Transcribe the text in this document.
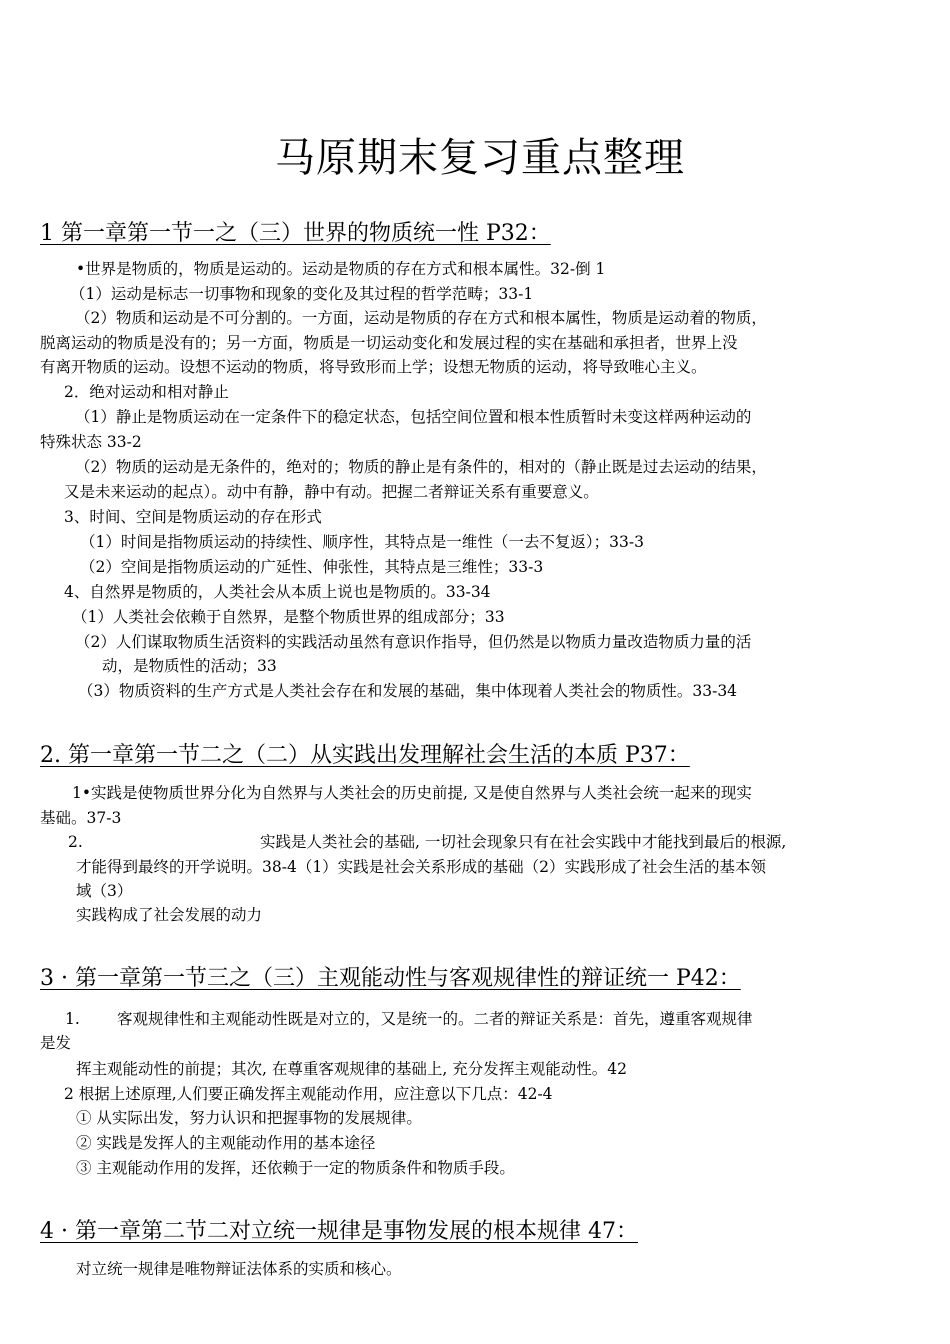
马原期末复习重点整理
1 第一章第一节一之（三）世界的物质统一性 P32：
•世界是物质的，物质是运动的。运动是物质的存在方式和根本属性。32-倒 1
（1）运动是标志一切事物和现象的变化及其过程的哲学范畴；33-1
（2）物质和运动是不可分割的。一方面，运动是物质的存在方式和根本属性，物质是运动着的物质，
脱离运动的物质是没有的；另一方面，物质是一切运动变化和发展过程的实在基础和承担者，世界上没
有离开物质的运动。设想不运动的物质，将导致形而上学；设想无物质的运动，将导致唯心主义。
2．绝对运动和相对静止
（1）静止是物质运动在一定条件下的稳定状态，包括空间位置和根本性质暂时未变这样两种运动的
特殊状态 33-2
（2）物质的运动是无条件的，绝对的；物质的静止是有条件的，相对的（静止既是过去运动的结果，
又是未来运动的起点）。动中有静，静中有动。把握二者辩证关系有重要意义。
3、时间、空间是物质运动的存在形式
（1）时间是指物质运动的持续性、顺序性，其特点是一维性（一去不复返）；33-3
（2）空间是指物质运动的广延性、伸张性，其特点是三维性；33-3
4、自然界是物质的，人类社会从本质上说也是物质的。33-34
（1）人类社会依赖于自然界，是整个物质世界的组成部分；33
（2）人们谋取物质生活资料的实践活动虽然有意识作指导，但仍然是以物质力量改造物质力量的活
动，是物质性的活动；33
（3）物质资料的生产方式是人类社会存在和发展的基础，集中体现着人类社会的物质性。33-34
2. 第一章第一节二之（二）从实践出发理解社会生活的本质 P37：
1•实践是使物质世界分化为自然界与人类社会的历史前提, 又是使自然界与人类社会统一起来的现实
基础。37-3
2.	实践是人类社会的基础, 一切社会现象只有在社会实践中才能找到最后的根源,
才能得到最终的开学说明。38-4（1）实践是社会关系形成的基础（2）实践形成了社会生活的基本领
域（3）
实践构成了社会发展的动力
3 · 第一章第一节三之（三）主观能动性与客观规律性的辩证统一 P42：
1. 客观规律性和主观能动性既是对立的，又是统一的。二者的辩证关系是：首先，遵重客观规律
是发
挥主观能动性的前提；其次, 在尊重客观规律的基础上, 充分发挥主观能动性。42
2 根据上述原理,人们要正确发挥主观能动作用，应注意以下几点：42-4
① 从实际出发，努力认识和把握事物的发展规律。
② 实践是发挥人的主观能动作用的基本途径
③ 主观能动作用的发挥，还依赖于一定的物质条件和物质手段。
4 · 第一章第二节二对立统一规律是事物发展的根本规律 47：
对立统一规律是唯物辩证法体系的实质和核心。
